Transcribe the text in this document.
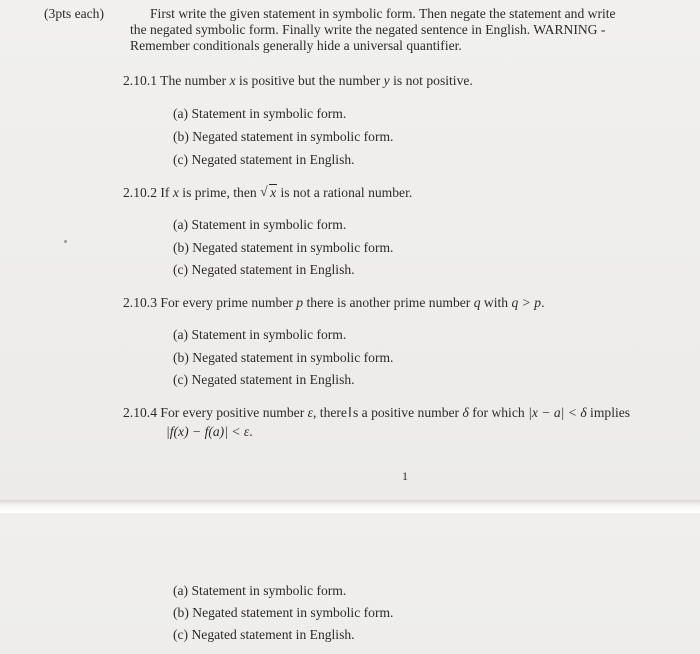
(3pts each)	First write the given statement in symbolic form. Then negate the statement and write
the negated symbolic form. Finally write the negated sentence in English. WARNING -
Remember conditionals generally hide a universal quantifier.
2.10.1 The number x is positive but the number y is not positive.
(a) Statement in symbolic form.
(b) Negated statement in symbolic form.
(c) Negated statement in English.
2.10.2 If x is prime, then √ x is not a rational number.
(a) Statement in symbolic form.
(b) Negated statement in symbolic form.
(c) Negated statement in English.
2.10.3 For every prime number p there is another prime number q with q > p.
(a) Statement in symbolic form.
(b) Negated statement in symbolic form.
(c) Negated statement in English.
2.10.4 For every positive number ε, thereIs a positive number δ for which |x − a| < δ implies
|f(x) − f(a)| < ε.
1
(a) Statement in symbolic form.
(b) Negated statement in symbolic form.
(c) Negated statement in English.
